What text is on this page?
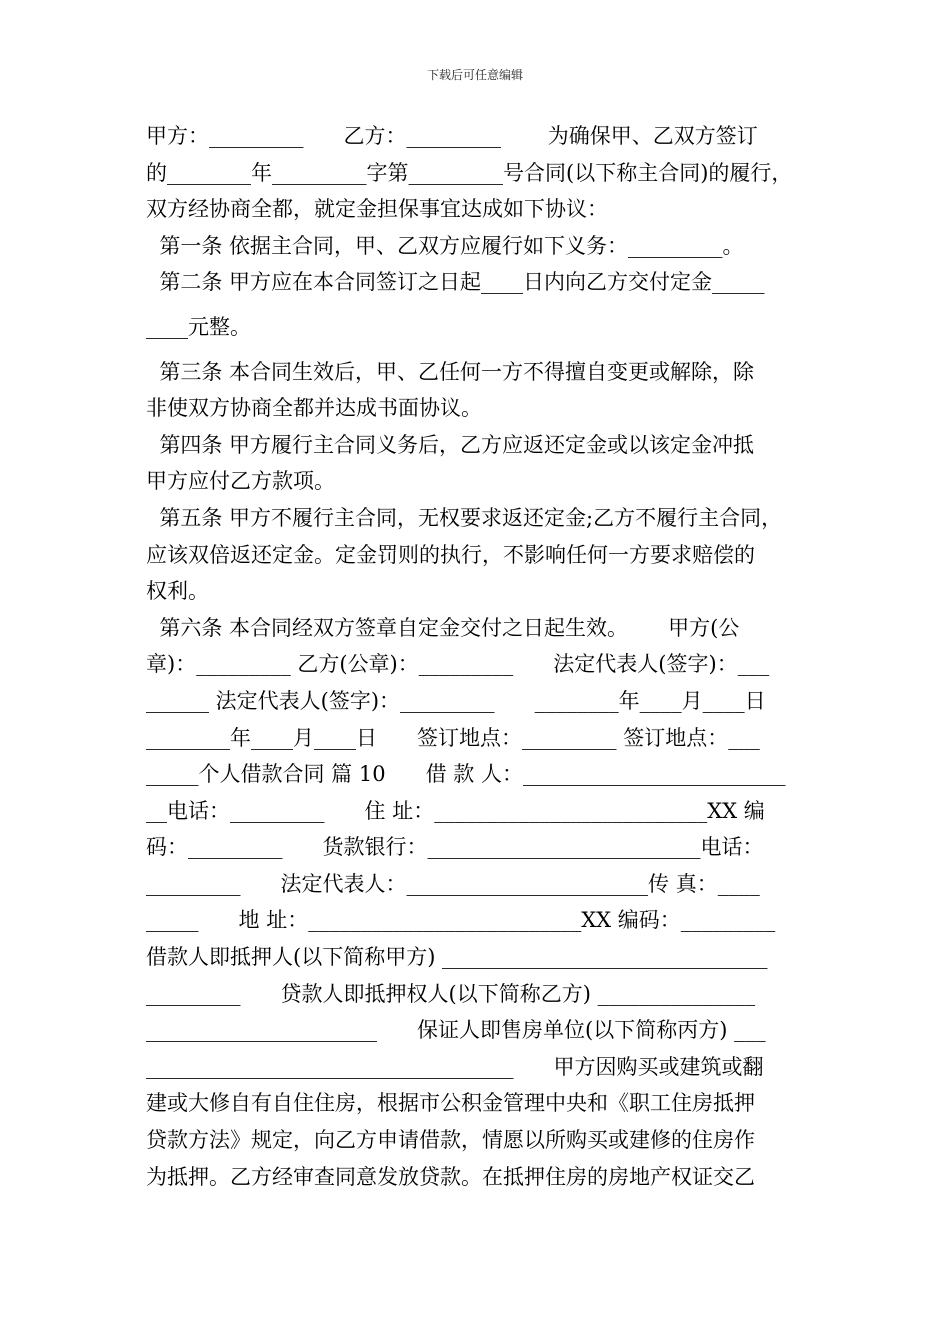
下载后可任意编辑
甲方：_________      乙方：_________       为确保甲、乙双方签订
的________年_________字第_________号合同(以下称主合同)的履行，
双方经协商全都，就定金担保事宜达成如下协议：
第一条 依据主合同，甲、乙双方应履行如下义务：_________。
第二条 甲方应在本合同签订之日起____日内向乙方交付定金_____
____元整。
第三条 本合同生效后，甲、乙任何一方不得擅自变更或解除，除
非使双方协商全都并达成书面协议。
第四条 甲方履行主合同义务后，乙方应返还定金或以该定金冲抵
甲方应付乙方款项。
第五条 甲方不履行主合同，无权要求返还定金;乙方不履行主合同，
应该双倍返还定金。定金罚则的执行，不影响任何一方要求赔偿的
权利。
第六条 本合同经双方签章自定金交付之日起生效。      甲方(公
章)：_________ 乙方(公章)：_________      法定代表人(签字)：___
______ 法定代表人(签字)：_________      ________年____月____日
________年____月____日      签订地点：_________ 签订地点：___
_____个人借款合同 篇 10      借 款 人：_________________________
__电话：_________      住 址：__________________________XX 编
码：_________      货款银行：__________________________电话：
_________      法定代表人：_______________________传 真：____
_____      地 址：__________________________XX 编码：_________
借款人即抵押人(以下简称甲方) _______________________________
_________      贷款人即抵押权人(以下简称乙方) _______________
______________________      保证人即售房单位(以下简称丙方) ___
___________________________________      甲方因购买或建筑或翻
建或大修自有自住住房，根据市公积金管理中央和《职工住房抵押
贷款方法》规定，向乙方申请借款，情愿以所购买或建修的住房作
为抵押。乙方经审查同意发放贷款。在抵押住房的房地产权证交乙
